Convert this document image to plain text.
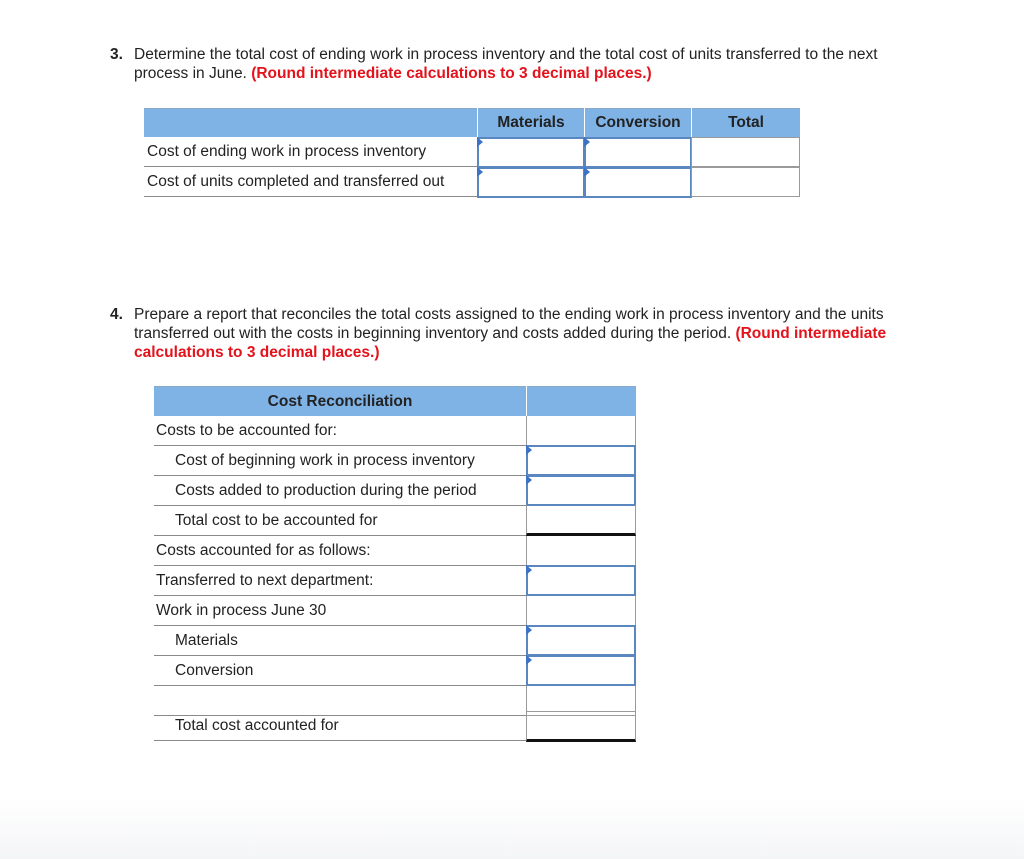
3. Determine the total cost of ending work in process inventory and the total cost of units transferred to the next process in June. (Round intermediate calculations to 3 decimal places.)
Materials	Conversion	Total
Cost of ending work in process inventory
Cost of units completed and transferred out
4. Prepare a report that reconciles the total costs assigned to the ending work in process inventory and the units transferred out with the costs in beginning inventory and costs added during the period. (Round intermediate calculations to 3 decimal places.)
Cost Reconciliation
Costs to be accounted for:
Cost of beginning work in process inventory
Costs added to production during the period
Total cost to be accounted for
Costs accounted for as follows:
Transferred to next department:
Work in process June 30
Materials
Conversion
Total cost accounted for
